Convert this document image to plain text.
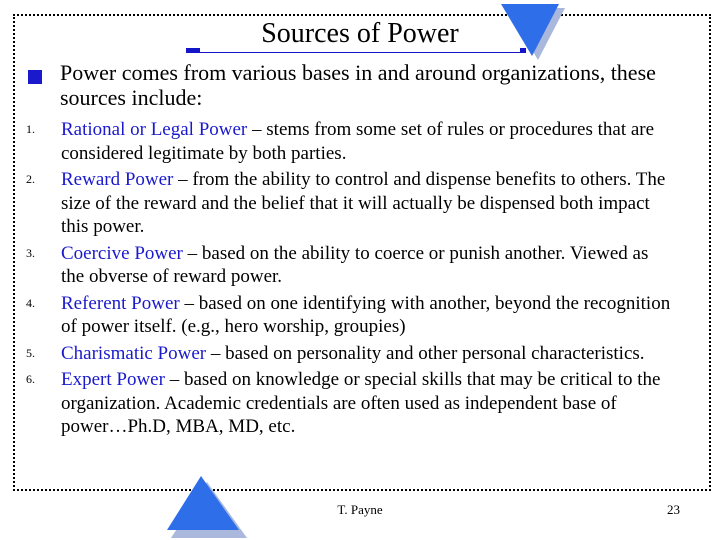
Sources of Power
Power comes from various bases in and around organizations, these sources include:
1. Rational or Legal Power – stems from some set of rules or procedures that are considered legitimate by both parties.
2. Reward Power – from the ability to control and dispense benefits to others. The size of the reward and the belief that it will actually be dispensed both impact this power.
3. Coercive Power – based on the ability to coerce or punish another. Viewed as the obverse of reward power.
4. Referent Power – based on one identifying with another, beyond the recognition of power itself. (e.g., hero worship, groupies)
5. Charismatic Power – based on personality and other personal characteristics.
6. Expert Power – based on knowledge or special skills that may be critical to the organization. Academic credentials are often used as independent base of power…Ph.D, MBA, MD, etc.
T. Payne	23
